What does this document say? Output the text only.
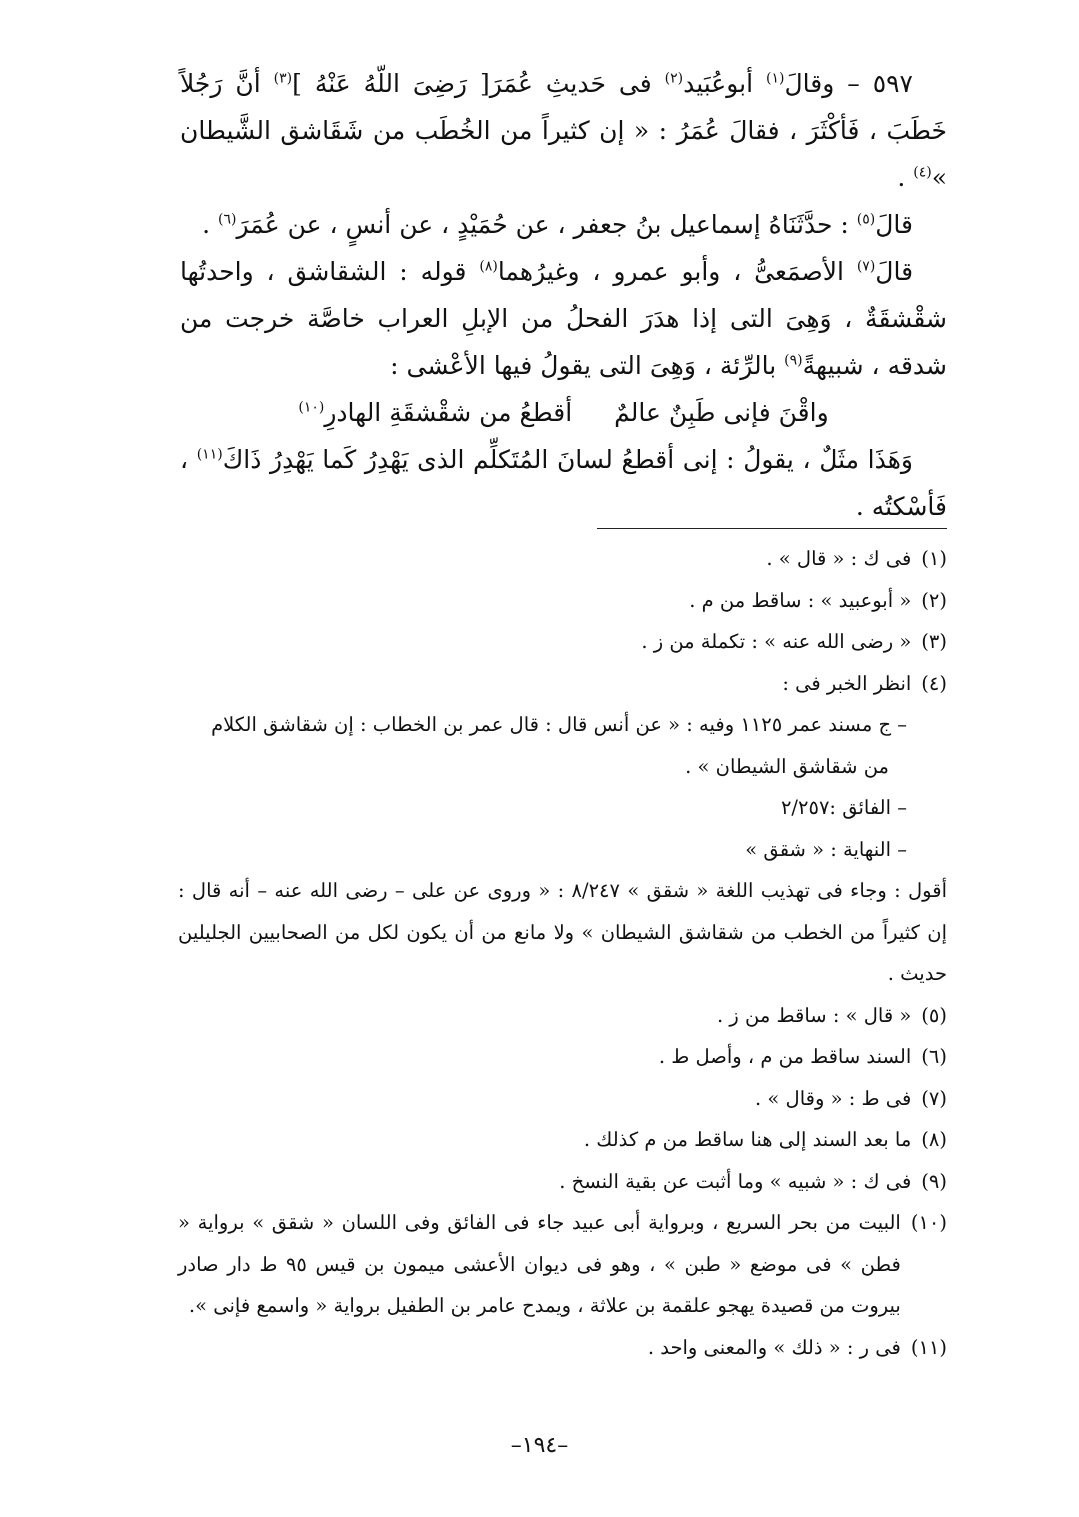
٥٩٧ – وقالَ$^{(١)}$ أبوعُبَيد$^{(٢)}$ فى حَديثِ عُمَرَ[ رَضِىَ اللّهُ عَنْهُ ]$^{(٣)}$ أنَّ رَجُلاً خَطَبَ ، فَأكْثَرَ ، فقالَ عُمَرُ : « إن كثيراً من الخُطَب من شَقَاشق الشَّيطان »$^{(٤)}$ .

قالَ$^{(٥)}$ : حدَّثَنَاهُ إسماعيل بنُ جعفر ، عن حُمَيْدٍ ، عن أنسٍ ، عن عُمَرَ$^{(٦)}$ .

قالَ$^{(٧)}$ الأصمَعىُّ ، وأبو عمرو ، وغيرُهما$^{(٨)}$ قوله : الشقاشق ، واحدتُها شقْشقَةٌ ، وَهِىَ التى إذا هدَرَ الفحلُ من الإبلِ العراب خاصَّة خرجت من شدقه ، شبيهةً$^{(٩)}$ بالرِّئة ، وَهِىَ التى يقولُ فيها الأعْشى :

واقْنَ فإنى طَبِنٌ عالمٌ
أقطعُ من شقْشقَةِ الهادرِ$^{(١٠)}$

وَهَذَا مثَلٌ ، يقولُ : إنى أقطعُ لسانَ المُتَكلِّم الذى يَهْدِرُ كَما يَهْدِرُ ذَاكَ$^{(١١)}$ ، فَأسْكتُه .

(١)
فى ك : « قال » .
(٢)
« أبوعبيد » : ساقط من م .
(٣)
« رضى الله عنه » : تكملة من ز .
(٤)
انظر الخبر فى :
– ج مسند عمر ١١٢٥ وفيه : « عن أنس قال : قال عمر بن الخطاب : إن شقاشق الكلام
من شقاشق الشيطان » .
– الفائق :٢/٢٥٧
– النهاية : « شقق »
أقول : وجاء فى تهذيب اللغة « شقق » ٨/٢٤٧ : « وروى عن على – رضى الله عنه – أنه قال : إن كثيراً من الخطب من شقاشق الشيطان » ولا مانع من أن يكون لكل من الصحابيين الجليلين حديث .
(٥)
« قال » : ساقط من ز .
(٦)
السند ساقط من م ، وأصل ط .
(٧)
فى ط : « وقال » .
(٨)
ما بعد السند إلى هنا ساقط من م كذلك .
(٩)
فى ك : « شبيه » وما أثبت عن بقية النسخ .
(١٠)
البيت من بحر السريع ، وبرواية أبى عبيد جاء فى الفائق وفى اللسان « شقق » برواية « فطن » فى موضع « طبن » ، وهو فى ديوان الأعشى ميمون بن قيس ٩٥ ط دار صادر بيروت من قصيدة يهجو علقمة بن علاثة ، ويمدح عامر بن الطفيل برواية « واسمع فإنى ».
(١١)
فى ر : « ذلك » والمعنى واحد .
–١٩٤–
